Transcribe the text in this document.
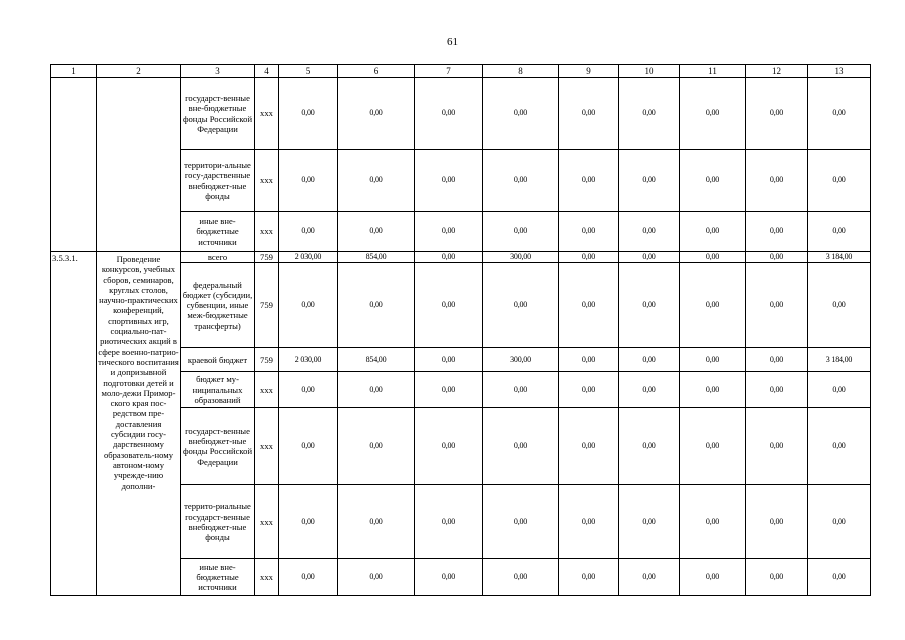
61
1	2	3	4	5	6	7	8	9	10	11	12	13
		государст-венные вне-бюджетные фонды Российской Федерации	ххх	0,00	0,00	0,00	0,00	0,00	0,00	0,00	0,00	0,00
		территори-альные госу-дарственные внебюджет-ные фонды	ххх	0,00	0,00	0,00	0,00	0,00	0,00	0,00	0,00	0,00
		иные вне-бюджетные источники	ххх	0,00	0,00	0,00	0,00	0,00	0,00	0,00	0,00	0,00
3.5.3.1.	Проведение конкурсов, учебных сборов, семинаров, круглых столов, научно-практических конференций, спортивных игр, социально-пат-риотических акций в сфере военно-патрио-тического воспитания и допризывной подготовки детей и моло-дежи Примор-ского края пос-редством пре-доставления субсидии госу-дарственному образователь-ному автоном-ному учрежде-нию дополни-	всего	759	2 030,00	854,00	0,00	300,00	0,00	0,00	0,00	0,00	3 184,00
		федеральный бюджет (субсидии, субвенции, иные меж-бюджетные трансферты)	759	0,00	0,00	0,00	0,00	0,00	0,00	0,00	0,00	0,00
		краевой бюджет	759	2 030,00	854,00	0,00	300,00	0,00	0,00	0,00	0,00	3 184,00
		бюджет му-ниципальных образований	ххх	0,00	0,00	0,00	0,00	0,00	0,00	0,00	0,00	0,00
		государст-венные внебюджет-ные фонды Российской Федерации	ххх	0,00	0,00	0,00	0,00	0,00	0,00	0,00	0,00	0,00
		террито-риальные государст-венные внебюджет-ные фонды	ххх	0,00	0,00	0,00	0,00	0,00	0,00	0,00	0,00	0,00
		иные вне-бюджетные источники	ххх	0,00	0,00	0,00	0,00	0,00	0,00	0,00	0,00	0,00
